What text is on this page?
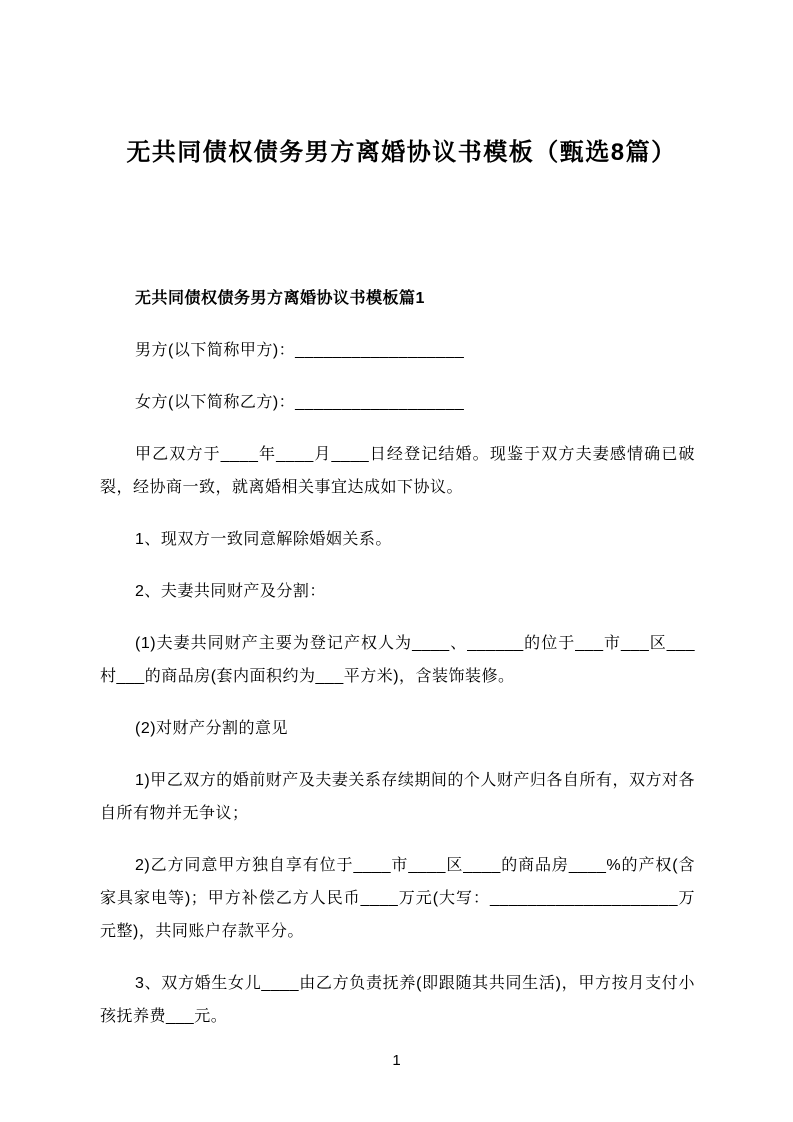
无共同债权债务男方离婚协议书模板（甄选8篇）
无共同债权债务男方离婚协议书模板篇1

男方(以下简称甲方)：__________________

女方(以下简称乙方)：__________________

甲乙双方于____年____月____日经登记结婚。现鉴于双方夫妻感情确已破裂，经协商一致，就离婚相关事宜达成如下协议。

1、现双方一致同意解除婚姻关系。

2、夫妻共同财产及分割：

(1)夫妻共同财产主要为登记产权人为____、______的位于___市___区___村___的商品房(套内面积约为___平方米)，含装饰装修。

(2)对财产分割的意见

1)甲乙双方的婚前财产及夫妻关系存续期间的个人财产归各自所有，双方对各自所有物并无争议；

2)乙方同意甲方独自享有位于____市____区____的商品房____%的产权(含家具家电等)；甲方补偿乙方人民币____万元(大写：____________________万元整)，共同账户存款平分。

3、双方婚生女儿____由乙方负责抚养(即跟随其共同生活)，甲方按月支付小孩抚养费___元。

1
